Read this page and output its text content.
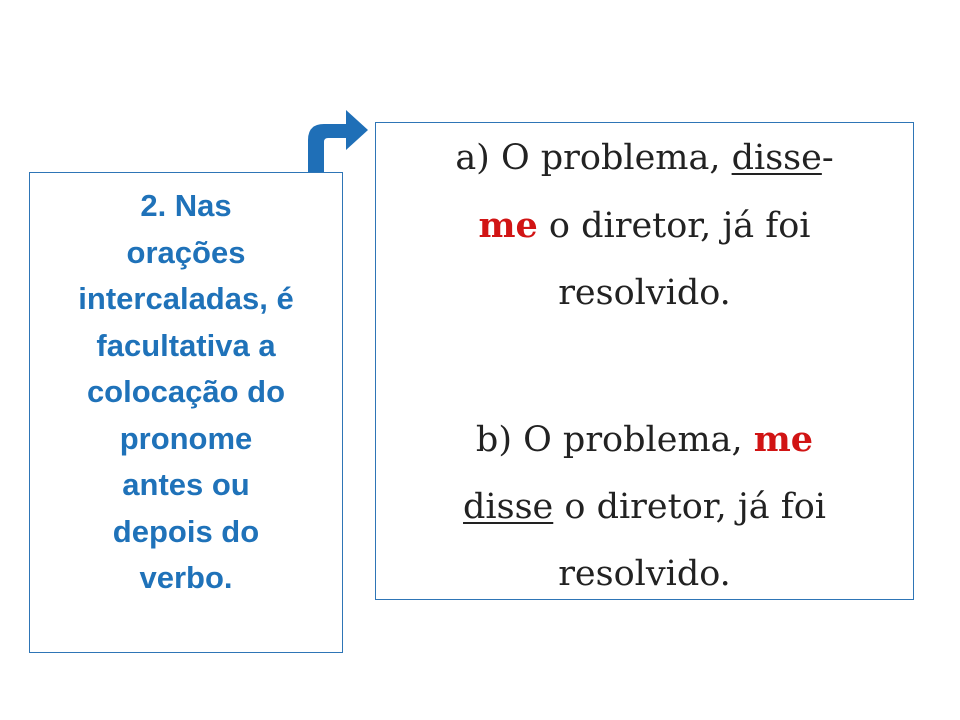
2. Nas
orações
intercaladas, é
facultativa a
colocação do
pronome
antes ou
depois do
verbo.
a) O problema, disse-
me o diretor, já foi
resolvido.
b) O problema, me
disse o diretor, já foi
resolvido.
